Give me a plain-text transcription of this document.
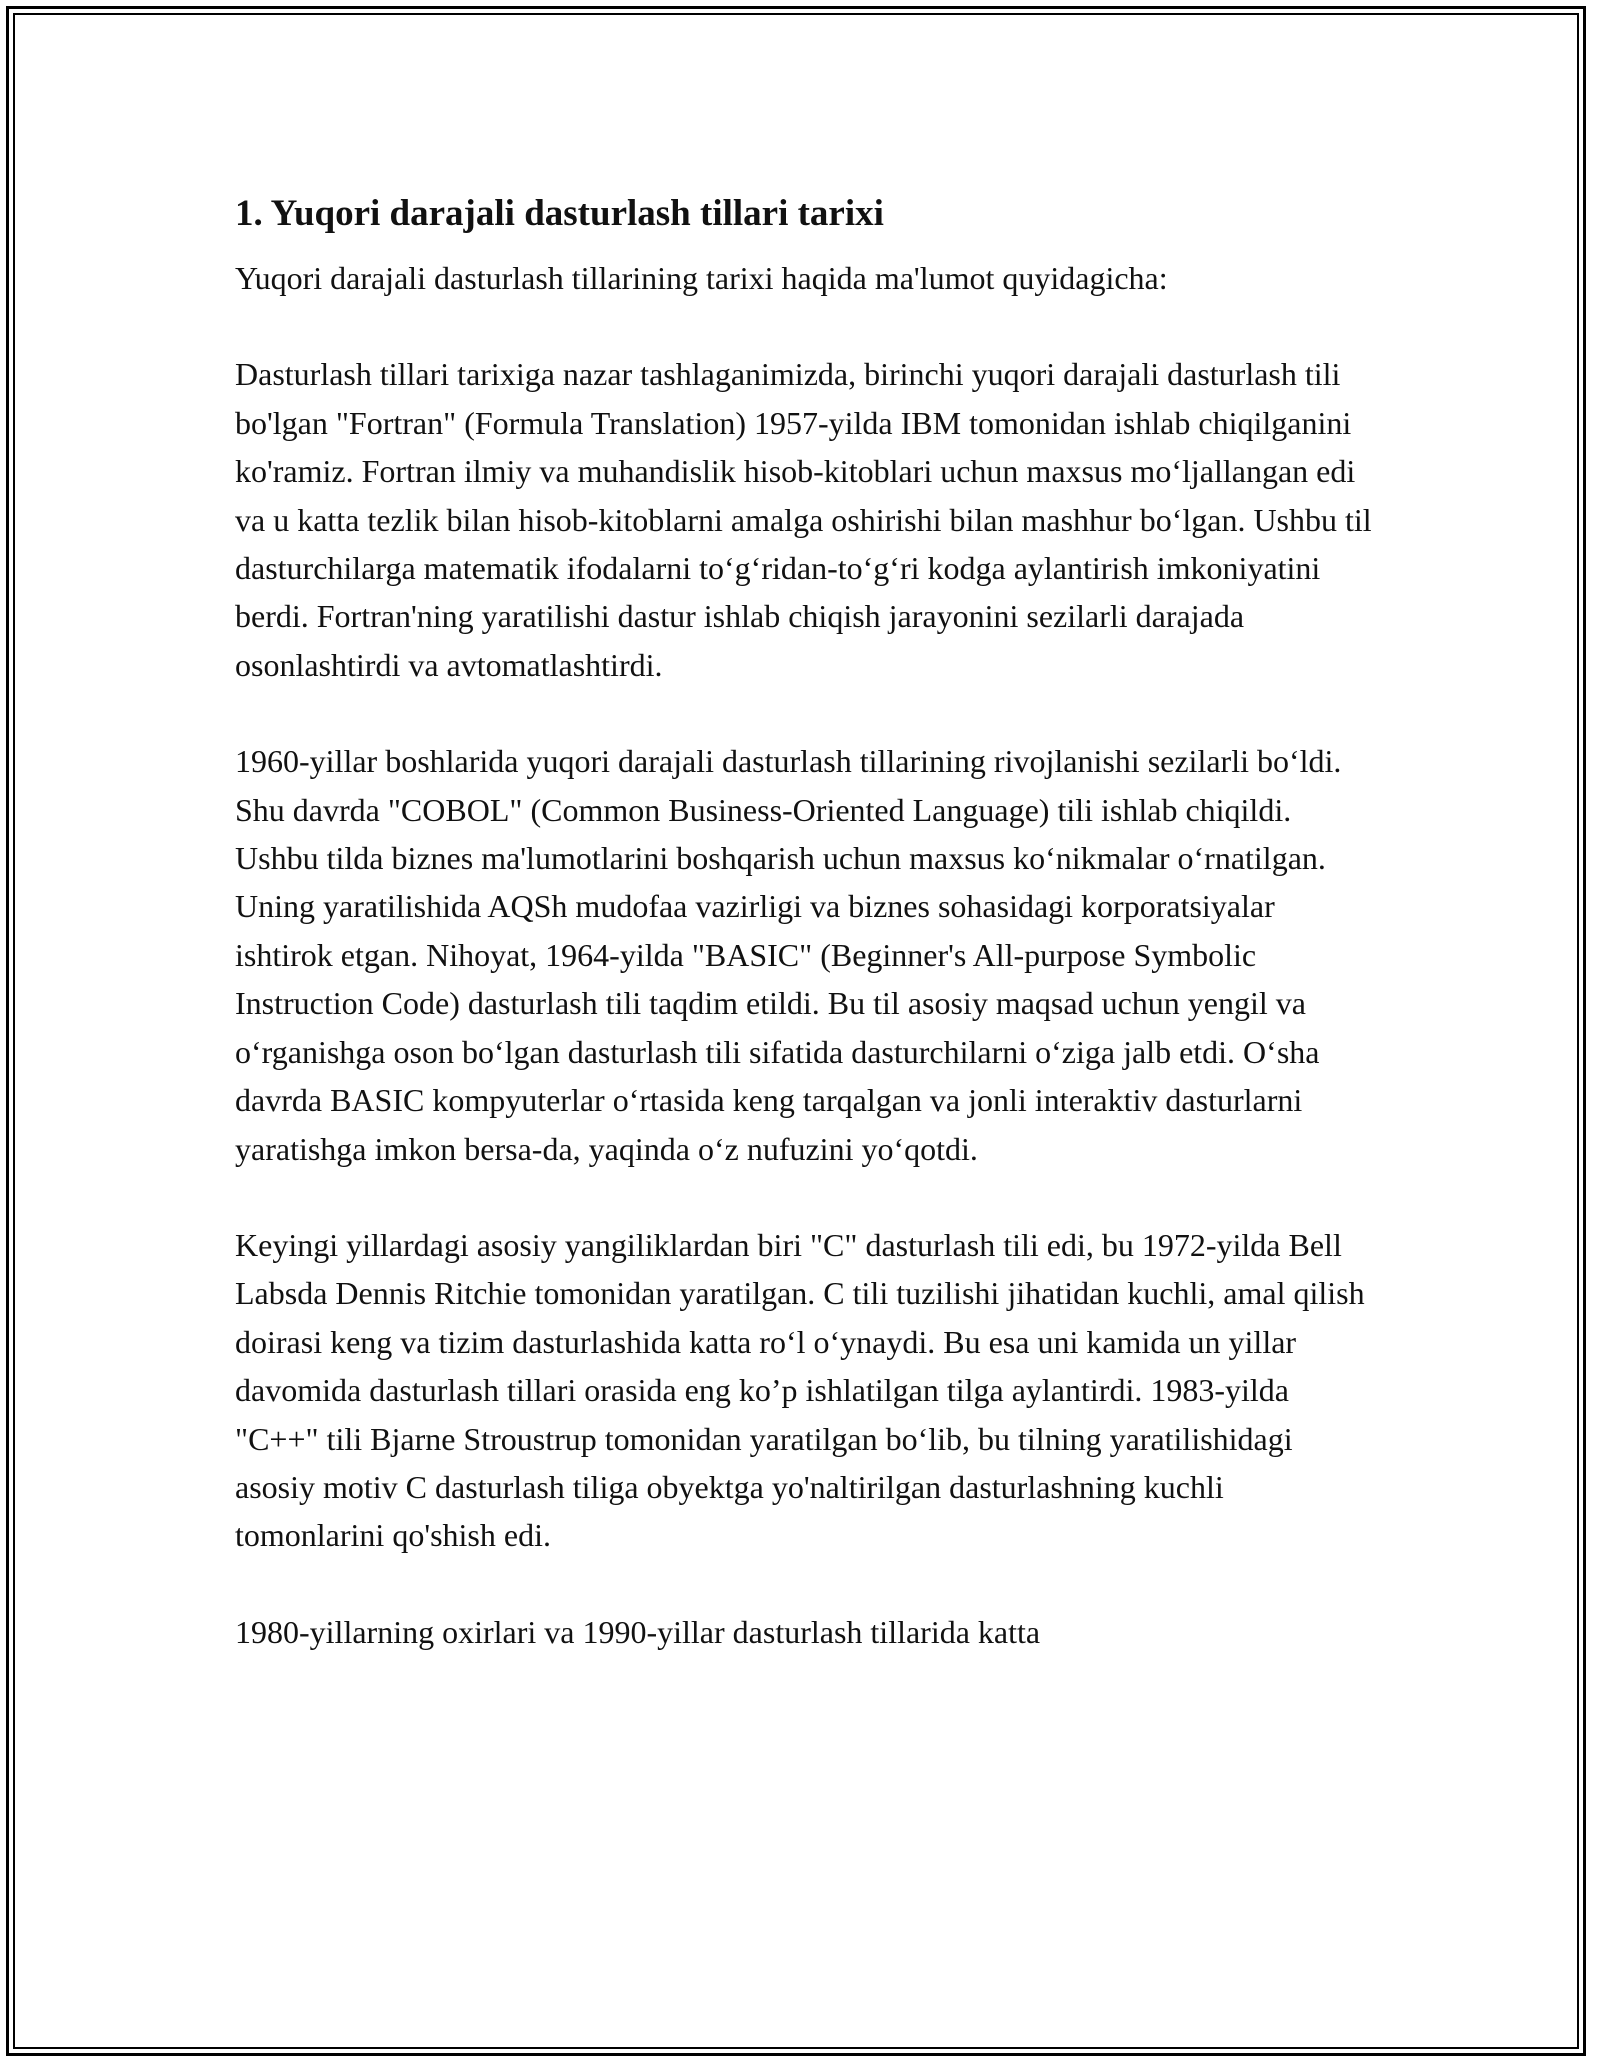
1. Yuqori darajali dasturlash tillari tarixi

Yuqori darajali dasturlash tillarining tarixi haqida ma'lumot quyidagicha:

Dasturlash tillari tarixiga nazar tashlaganimizda, birinchi yuqori darajali dasturlash tili bo'lgan "Fortran" (Formula Translation) 1957-yilda IBM tomonidan ishlab chiqilganini ko'ramiz. Fortran ilmiy va muhandislik hisob-kitoblari uchun maxsus mo‘ljallangan edi va u katta tezlik bilan hisob-kitoblarni amalga oshirishi bilan mashhur bo‘lgan. Ushbu til dasturchilarga matematik ifodalarni to‘g‘ridan-to‘g‘ri kodga aylantirish imkoniyatini berdi. Fortran'ning yaratilishi dastur ishlab chiqish jarayonini sezilarli darajada osonlashtirdi va avtomatlashtirdi.

1960-yillar boshlarida yuqori darajali dasturlash tillarining rivojlanishi sezilarli bo‘ldi. Shu davrda "COBOL" (Common Business-Oriented Language) tili ishlab chiqildi. Ushbu tilda biznes ma'lumotlarini boshqarish uchun maxsus ko‘nikmalar o‘rnatilgan. Uning yaratilishida AQSh mudofaa vazirligi va biznes sohasidagi korporatsiyalar ishtirok etgan. Nihoyat, 1964-yilda "BASIC" (Beginner's All-purpose Symbolic Instruction Code) dasturlash tili taqdim etildi. Bu til asosiy maqsad uchun yengil va o‘rganishga oson bo‘lgan dasturlash tili sifatida dasturchilarni o‘ziga jalb etdi. O‘sha davrda BASIC kompyuterlar o‘rtasida keng tarqalgan va jonli interaktiv dasturlarni yaratishga imkon bersa-da, yaqinda o‘z nufuzini yo‘qotdi.

Keyingi yillardagi asosiy yangiliklardan biri "C" dasturlash tili edi, bu 1972-yilda Bell Labsda Dennis Ritchie tomonidan yaratilgan. C tili tuzilishi jihatidan kuchli, amal qilish doirasi keng va tizim dasturlashida katta ro‘l o‘ynaydi. Bu esa uni kamida un yillar davomida dasturlash tillari orasida eng ko’p ishlatilgan tilga aylantirdi. 1983-yilda "C++" tili Bjarne Stroustrup tomonidan yaratilgan bo‘lib, bu tilning yaratilishidagi asosiy motiv C dasturlash tiliga obyektga yo'naltirilgan dasturlashning kuchli tomonlarini qo'shish edi.

1980-yillarning oxirlari va 1990-yillar dasturlash tillarida katta
